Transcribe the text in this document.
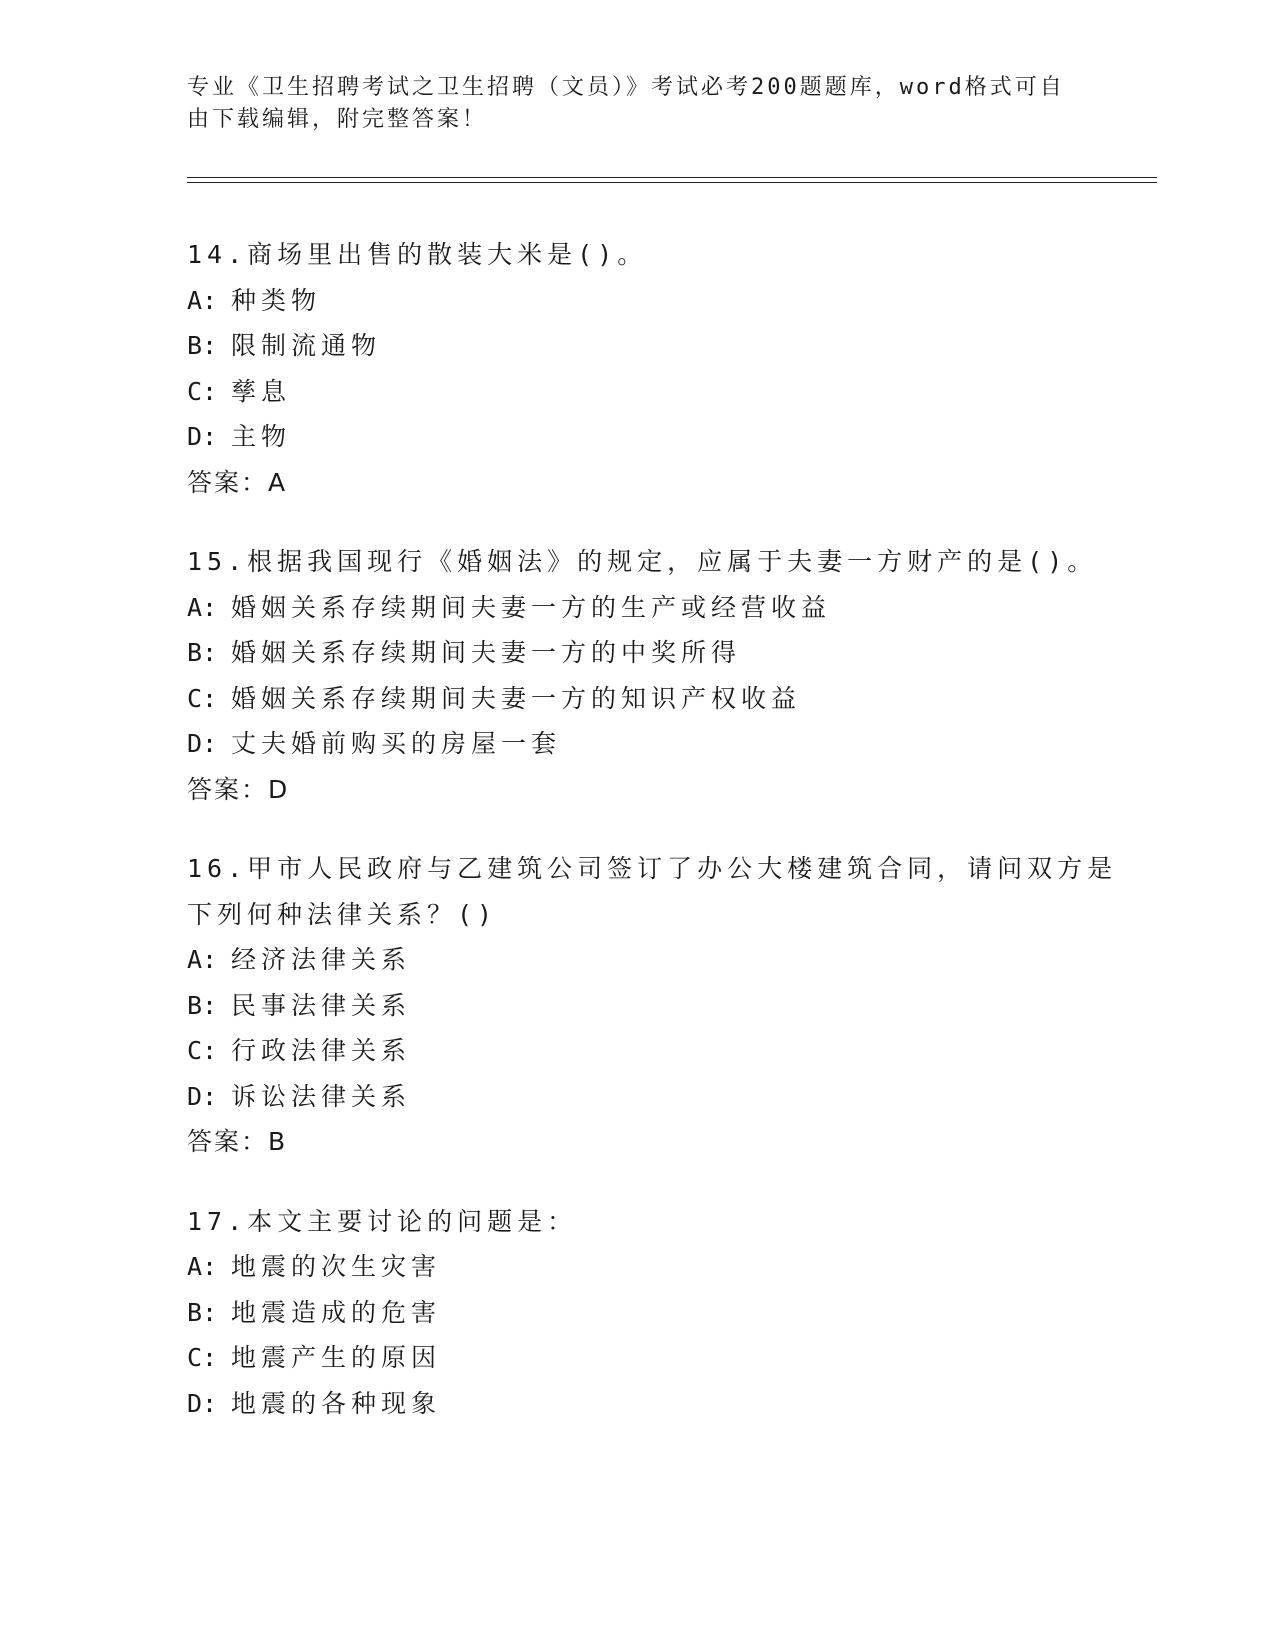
专业《卫生招聘考试之卫生招聘（文员）》考试必考200题题库，word格式可自
由下载编辑，附完整答案！
14.商场里出售的散装大米是()。
A: 种类物
B: 限制流通物
C: 孳息
D: 主物
答案：A
15.根据我国现行《婚姻法》的规定，应属于夫妻一方财产的是()。
A: 婚姻关系存续期间夫妻一方的生产或经营收益
B: 婚姻关系存续期间夫妻一方的中奖所得
C: 婚姻关系存续期间夫妻一方的知识产权收益
D: 丈夫婚前购买的房屋一套
答案：D
16.甲市人民政府与乙建筑公司签订了办公大楼建筑合同，请问双方是
下列何种法律关系？()
A: 经济法律关系
B: 民事法律关系
C: 行政法律关系
D: 诉讼法律关系
答案：B
17.本文主要讨论的问题是：
A: 地震的次生灾害
B: 地震造成的危害
C: 地震产生的原因
D: 地震的各种现象
